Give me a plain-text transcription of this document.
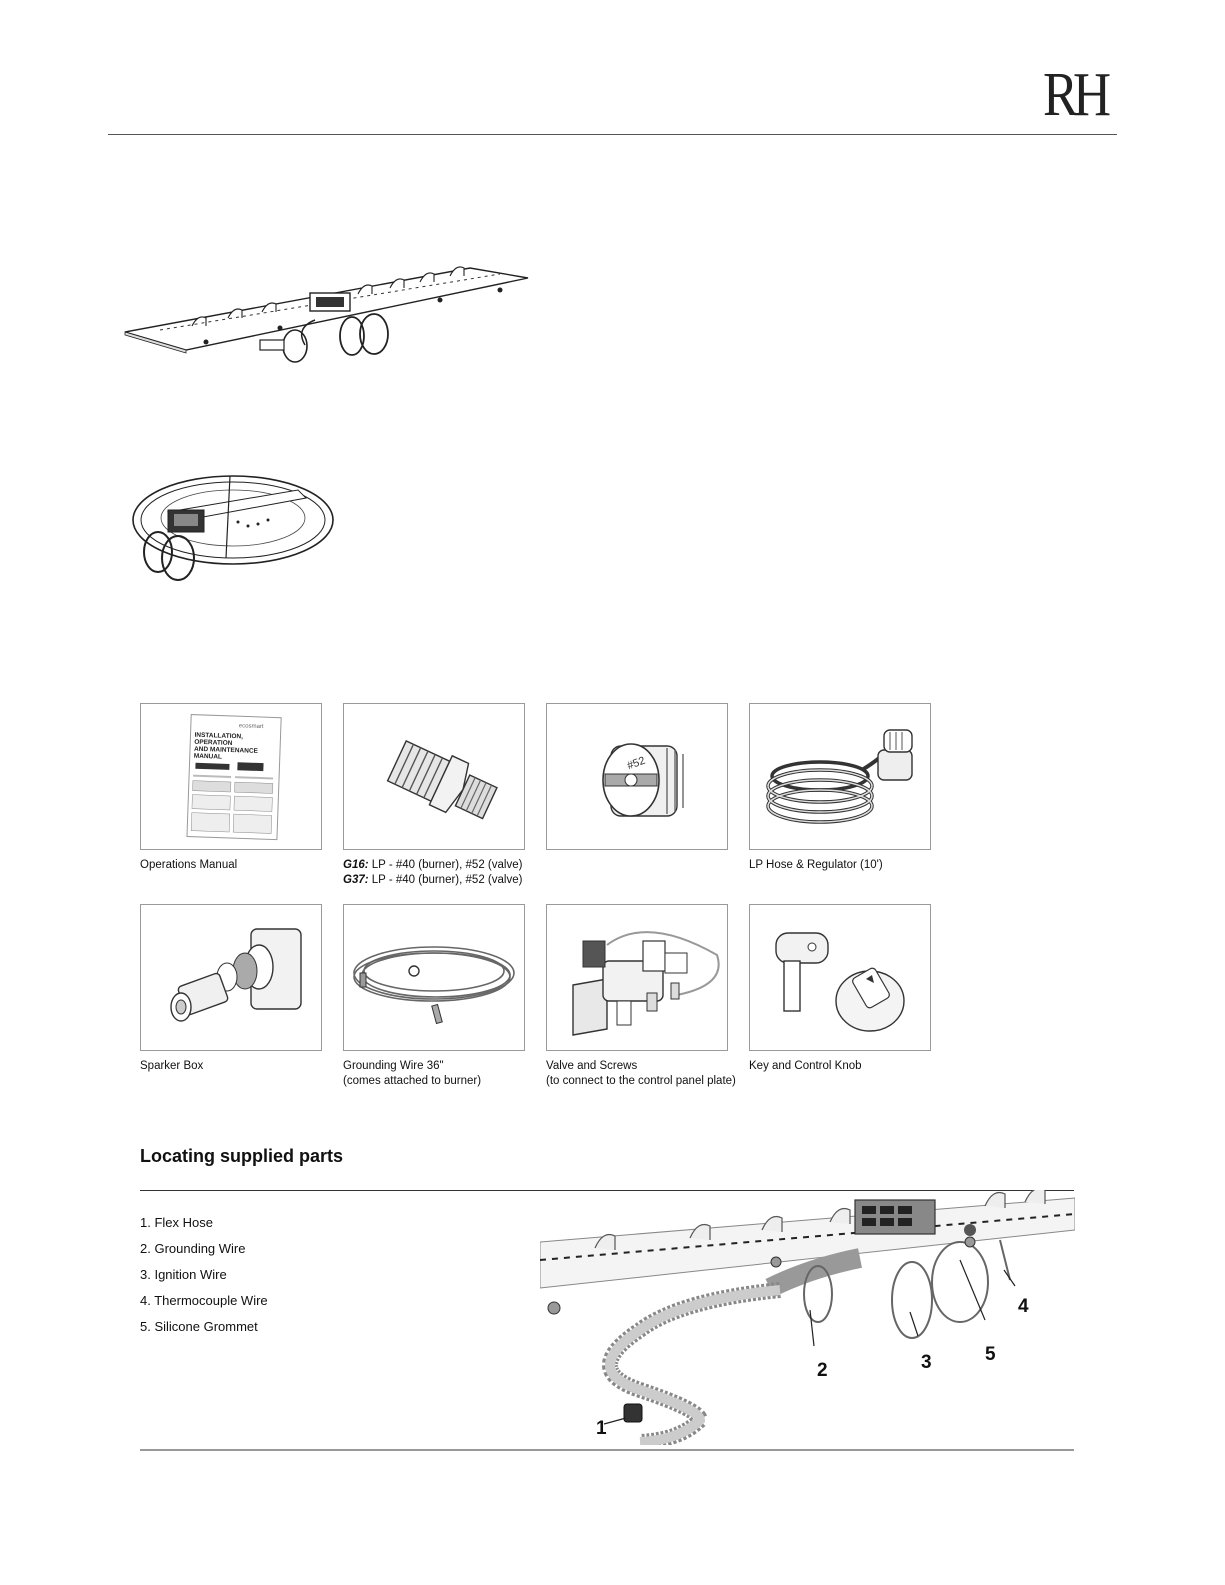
RH
ecosmart
INSTALLATION,
OPERATION
AND MAINTENANCE
MANUAL	#52
Operations Manual	G16: LP - #40 (burner), #52 (valve)
G37: LP - #40 (burner), #52 (valve)
LP Hose & Regulator (10')
Sparker Box	Grounding Wire 36"
(comes attached to burner)
Valve and Screws
(to connect to the control panel plate)
Key and Control Knob
Locating supplied parts
1. Flex Hose
2. Grounding Wire
3. Ignition Wire
4. Thermocouple Wire
5. Silicone Grommet
1
2	3	5
4
